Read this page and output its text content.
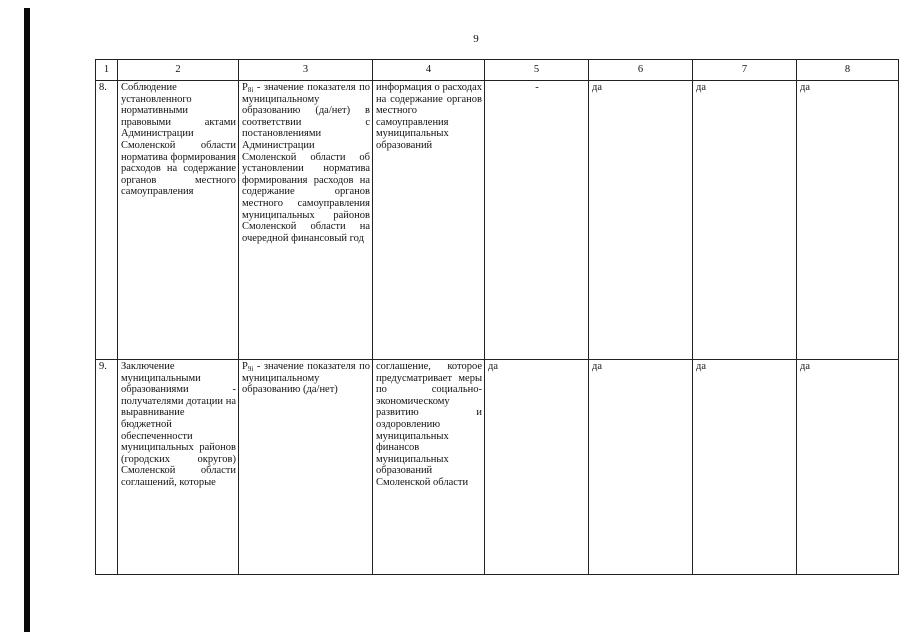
9
1	2	3	4	5	6	7	8
8.	Соблюдение установленного нормативными правовыми актами Администрации Смоленской области норматива формирования расходов на содержание органов местного самоуправления	$P_{8i}$ - значение показателя по муниципальному образованию (да/нет) в соответствии с постановлениями Администрации Смоленской области об установлении норматива формирования расходов на содержание органов местного самоуправления муниципальных районов Смоленской области на очередной финансовый год	информация о расходах на содержание органов местного самоуправления муниципальных образований	-	да	да	да
9.	Заключение муниципальными образованиями - получателями дотации на выравнивание бюджетной обеспеченности муниципальных районов (городских округов) Смоленской области соглашений, которые	$P_{9i}$ - значение показателя по муниципальному образованию (да/нет)	соглашение, которое предусматривает меры по социально-экономическому развитию и оздоровлению муниципальных финансов муниципальных образований Смоленской области	да	да	да	да
